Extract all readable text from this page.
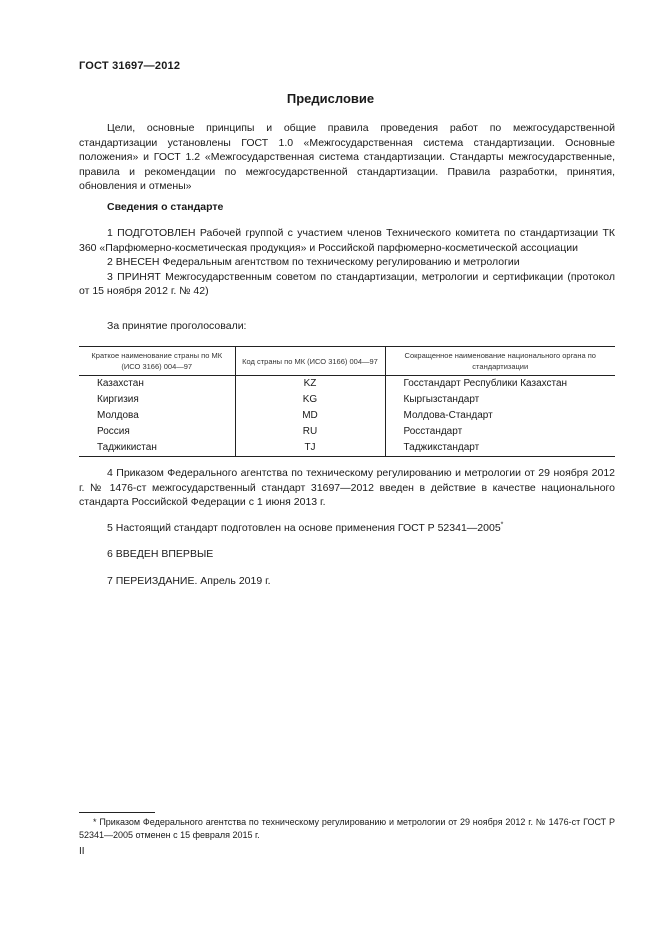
ГОСТ 31697—2012
Предисловие

Цели, основные принципы и общие правила проведения работ по межгосударственной стандартизации установлены ГОСТ 1.0 «Межгосударственная система стандартизации. Основные положения» и ГОСТ 1.2 «Межгосударственная система стандартизации. Стандарты межгосударственные, правила и рекомендации по межгосударственной стандартизации. Правила разработки, принятия, обновления и отмены»

Сведения о стандарте

1 ПОДГОТОВЛЕН Рабочей группой с участием членов Технического комитета по стандартизации ТК 360 «Парфюмерно-косметическая продукция» и Российской парфюмерно-косметической ассоциации

2 ВНЕСЕН Федеральным агентством по техническому регулированию и метрологии

3 ПРИНЯТ Межгосударственным советом по стандартизации, метрологии и сертификации (протокол от 15 ноября 2012 г. № 42)

За принятие проголосовали:
Краткое наименование страны по МК (ИСО 3166) 004—97	Код страны по МК (ИСО 3166) 004—97	Сокращенное наименование национального органа по стандартизации
Казахстан	KZ	Госстандарт Республики Казахстан
Киргизия	KG	Кыргызстандарт
Молдова	MD	Молдова-Стандарт
Россия	RU	Росстандарт
Таджикистан	TJ	Таджикстандарт

4 Приказом Федерального агентства по техническому регулированию и метрологии от 29 ноября 2012 г. № 1476-ст межгосударственный стандарт 31697—2012 введен в действие в качестве национального стандарта Российской Федерации с 1 июня 2013 г.

5 Настоящий стандарт подготовлен на основе применения ГОСТ Р 52341—2005*

6 ВВЕДЕН ВПЕРВЫЕ

7 ПЕРЕИЗДАНИЕ. Апрель 2019 г.

* Приказом Федерального агентства по техническому регулированию и метрологии от 29 ноября 2012 г. № 1476-ст ГОСТ Р 52341—2005 отменен с 15 февраля 2015 г.
II
